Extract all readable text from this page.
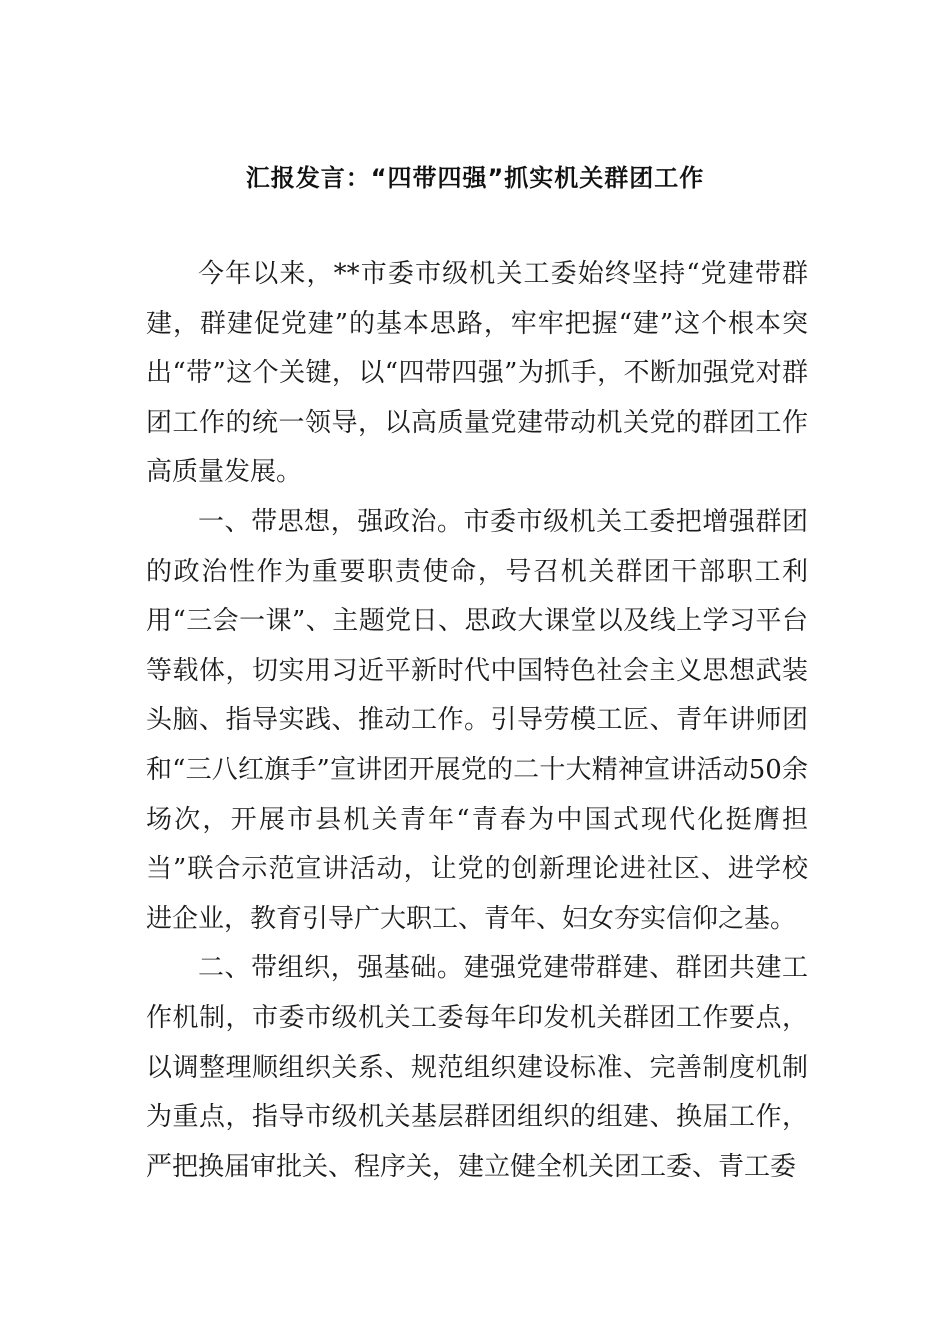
汇报发言：“四带四强”抓实机关群团工作

今年以来，**市委市级机关工委始终坚持“党建带群建，群建促党建”的基本思路，牢牢把握“建”这个根本突出“带”这个关键，以“四带四强”为抓手，不断加强党对群团工作的统一领导，以高质量党建带动机关党的群团工作高质量发展。

一、带思想，强政治。市委市级机关工委把增强群团的政治性作为重要职责使命，号召机关群团干部职工利用“三会一课”、主题党日、思政大课堂以及线上学习平台等载体，切实用习近平新时代中国特色社会主义思想武装头脑、指导实践、推动工作。引导劳模工匠、青年讲师团和“三八红旗手”宣讲团开展党的二十大精神宣讲活动50余场次，开展市县机关青年“青春为中国式现代化挺膺担当”联合示范宣讲活动，让党的创新理论进社区、进学校进企业，教育引导广大职工、青年、妇女夯实信仰之基。

二、带组织，强基础。建强党建带群建、群团共建工作机制，市委市级机关工委每年印发机关群团工作要点，以调整理顺组织关系、规范组织建设标准、完善制度机制为重点，指导市级机关基层群团组织的组建、换届工作，严把换届审批关、程序关，建立健全机关团工委、青工委
